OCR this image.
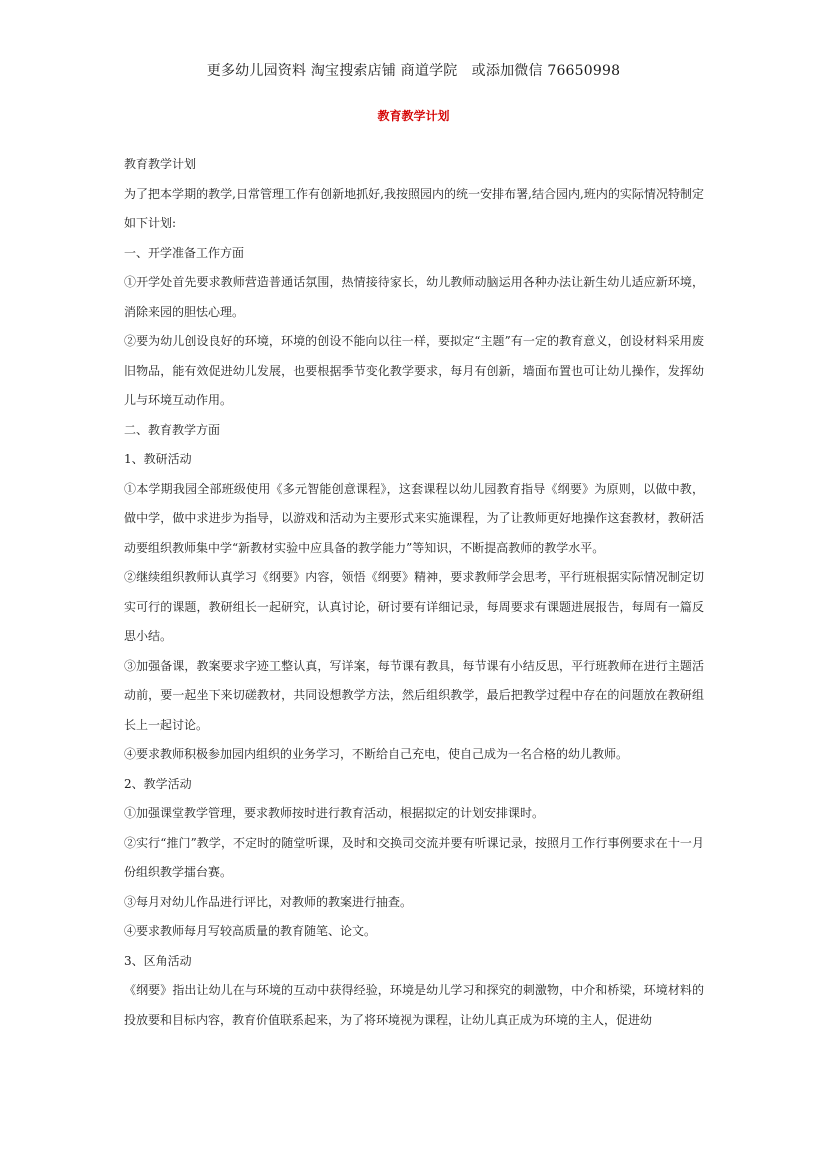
更多幼儿园资料 淘宝搜索店铺 商道学院　或添加微信 76650998
教育教学计划

教育教学计划

为了把本学期的教学,日常管理工作有创新地抓好,我按照园内的统一安排布署,结合园内,班内的实际情况特制定如下计划:

一、开学准备工作方面

①开学处首先要求教师营造普通话氛围，热情接待家长，幼儿教师动脑运用各种办法让新生幼儿适应新环境，消除来园的胆怯心理。

②要为幼儿创设良好的环境，环境的创设不能向以往一样，要拟定“主题”有一定的教育意义，创设材料采用废旧物品，能有效促进幼儿发展，也要根据季节变化教学要求，每月有创新，墙面布置也可让幼儿操作，发挥幼儿与环境互动作用。

二、教育教学方面

1、教研活动

①本学期我园全部班级使用《多元智能创意课程》，这套课程以幼儿园教育指导《纲要》为原则，以做中教，做中学，做中求进步为指导，以游戏和活动为主要形式来实施课程，为了让教师更好地操作这套教材，教研活动要组织教师集中学“新教材实验中应具备的教学能力”等知识，不断提高教师的教学水平。

②继续组织教师认真学习《纲要》内容，领悟《纲要》精神，要求教师学会思考，平行班根据实际情况制定切实可行的课题，教研组长一起研究，认真讨论，研讨要有详细记录，每周要求有课题进展报告，每周有一篇反思小结。

③加强备课，教案要求字迹工整认真，写详案，每节课有教具，每节课有小结反思，平行班教师在进行主题活动前，要一起坐下来切磋教材，共同设想教学方法，然后组织教学，最后把教学过程中存在的问题放在教研组长上一起讨论。

④要求教师积极参加园内组织的业务学习，不断给自己充电，使自己成为一名合格的幼儿教师。

2、教学活动

①加强课堂教学管理，要求教师按时进行教育活动，根据拟定的计划安排课时。

②实行“推门”教学，不定时的随堂听课，及时和交换司交流并要有听课记录，按照月工作行事例要求在十一月份组织教学擂台赛。

③每月对幼儿作品进行评比，对教师的教案进行抽查。

④要求教师每月写较高质量的教育随笔、论文。

3、区角活动

《纲要》指出让幼儿在与环境的互动中获得经验，环境是幼儿学习和探究的刺激物，中介和桥梁，环境材料的投放要和目标内容，教育价值联系起来，为了将环境视为课程，让幼儿真正成为环境的主人，促进幼
